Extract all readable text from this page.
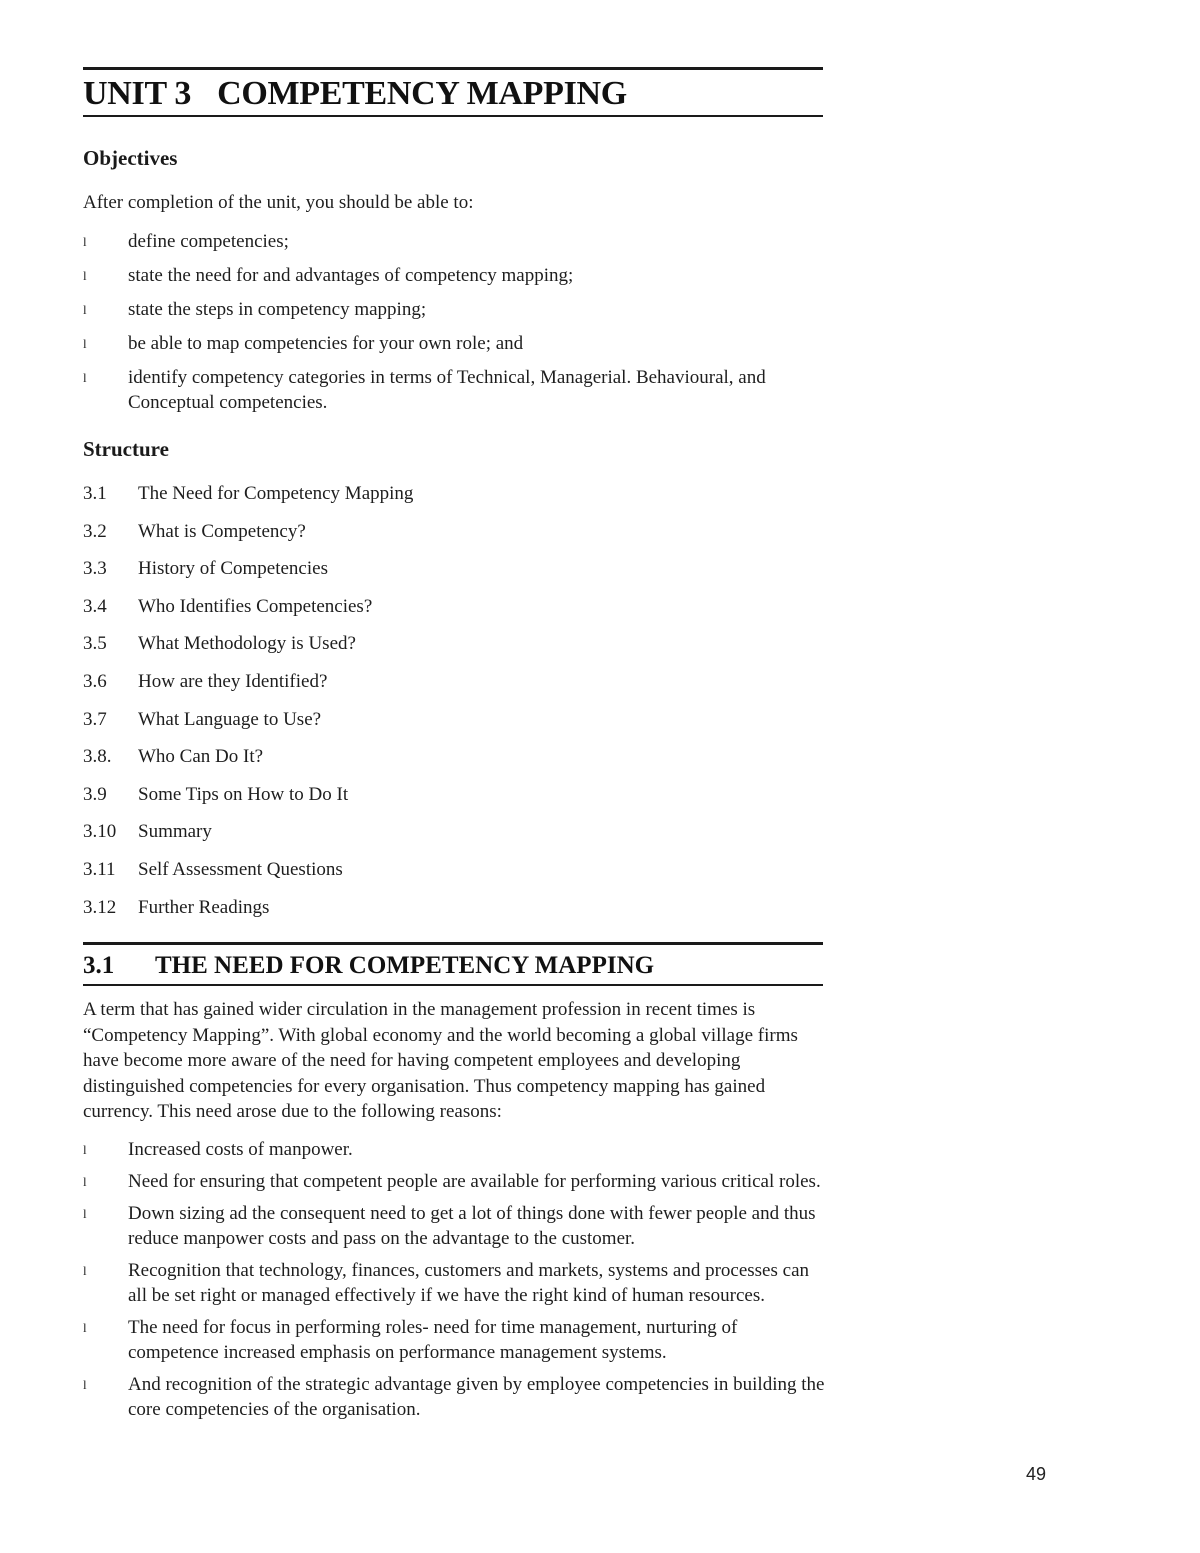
UNIT 3 COMPETENCY MAPPING
Objectives

After completion of the unit, you should be able to:

l define competencies;
l state the need for and advantages of competency mapping;
l state the steps in competency mapping;
l be able to map competencies for your own role; and
l identify competency categories in terms of Technical, Managerial. Behavioural, and Conceptual competencies.
Structure
3.1 The Need for Competency Mapping
3.2 What is Competency?
3.3 History of Competencies
3.4 Who Identifies Competencies?
3.5 What Methodology is Used?
3.6 How are they Identified?
3.7 What Language to Use?
3.8. Who Can Do It?
3.9 Some Tips on How to Do It
3.10 Summary
3.11 Self Assessment Questions
3.12 Further Readings
3.1 THE NEED FOR COMPETENCY MAPPING

A term that has gained wider circulation in the management profession in recent times is “Competency Mapping”. With global economy and the world becoming a global village firms have become more aware of the need for having competent employees and developing distinguished competencies for every organisation. Thus competency mapping has gained currency. This need arose due to the following reasons:

l Increased costs of manpower.
l Need for ensuring that competent people are available for performing various critical roles.
l Down sizing ad the consequent need to get a lot of things done with fewer people and thus reduce manpower costs and pass on the advantage to the customer.
l Recognition that technology, finances, customers and markets, systems and processes can all be set right or managed effectively if we have the right kind of human resources.
l The need for focus in performing roles- need for time management, nurturing of competence increased emphasis on performance management systems.
l And recognition of the strategic advantage given by employee competencies in building the core competencies of the organisation.

49
